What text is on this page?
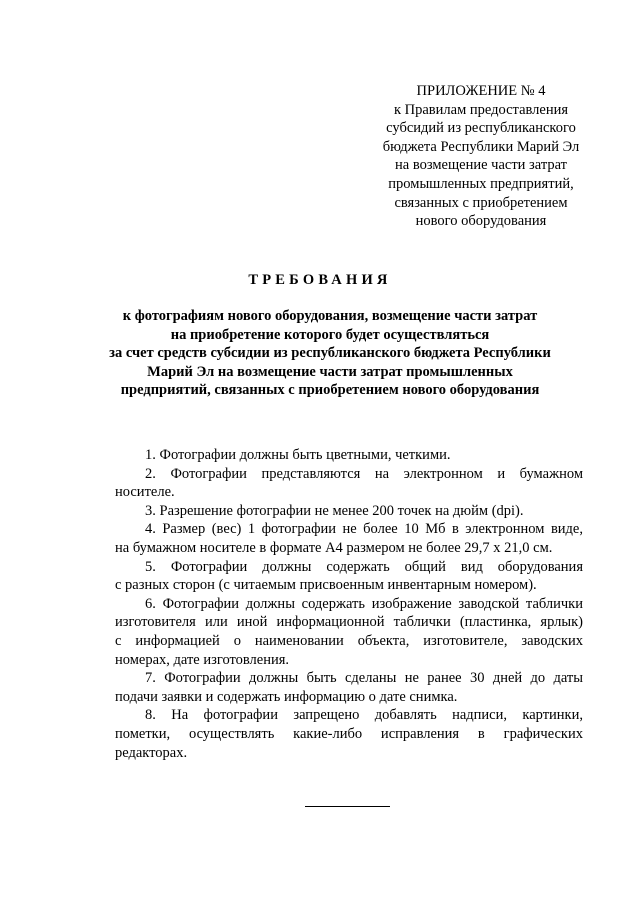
ПРИЛОЖЕНИЕ № 4
к Правилам предоставления
субсидий из республиканского
бюджета Республики Марий Эл
на возмещение части затрат
промышленных предприятий,
связанных с приобретением
нового оборудования
ТРЕБОВАНИЯ
к фотографиям нового оборудования, возмещение части затрат
на приобретение которого будет осуществляться
за счет средств субсидии из республиканского бюджета Республики
Марий Эл на возмещение части затрат промышленных
предприятий, связанных с приобретением нового оборудования

1. Фотографии должны быть цветными, четкими.

2. Фотографии представляются на электронном и бумажном
носителе.

3. Разрешение фотографии не менее 200 точек на дюйм (dpi).

4. Размер (вес) 1 фотографии не более 10 Мб в электронном виде,
на бумажном носителе в формате А4 размером не более 29,7 x 21,0 см.

5. Фотографии должны содержать общий вид оборудования
с разных сторон (с читаемым присвоенным инвентарным номером).

6. Фотографии должны содержать изображение заводской таблички
изготовителя или иной информационной таблички (пластинка, ярлык)
с информацией о наименовании объекта, изготовителе, заводских
номерах, дате изготовления.

7. Фотографии должны быть сделаны не ранее 30 дней до даты
подачи заявки и содержать информацию о дате снимка.

8. На фотографии запрещено добавлять надписи, картинки,
пометки, осуществлять какие-либо исправления в графических
редакторах.
